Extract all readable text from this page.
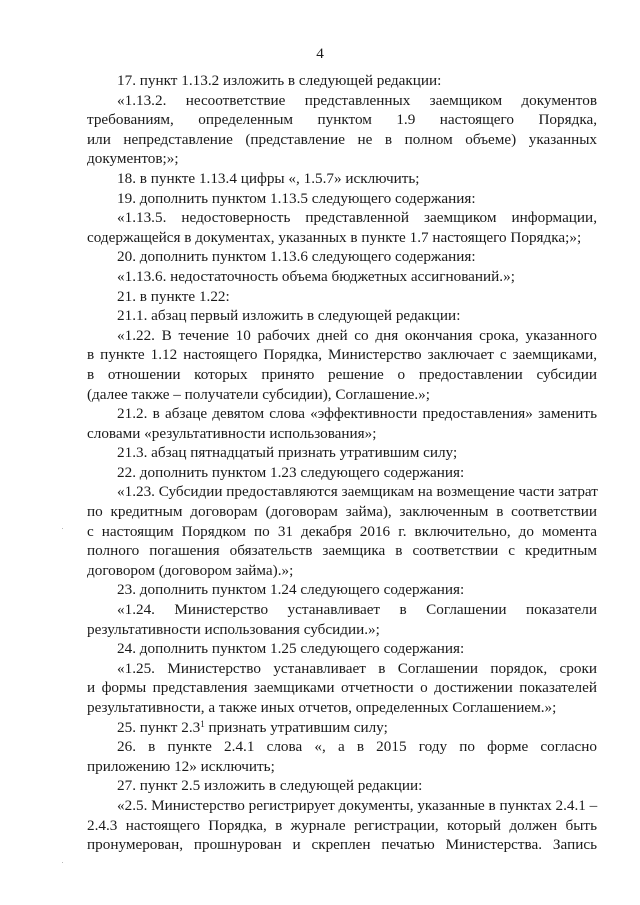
4
17. пункт 1.13.2 изложить в следующей редакции:
«1.13.2. несоответствие представленных заемщиком документов
требованиям, определенным пунктом 1.9 настоящего Порядка,
или непредставление (представление не в полном объеме) указанных
документов;»;
18. в пункте 1.13.4 цифры «, 1.5.7» исключить;
19. дополнить пунктом 1.13.5 следующего содержания:
«1.13.5. недостоверность представленной заемщиком информации,
содержащейся в документах, указанных в пункте 1.7 настоящего Порядка;»;
20. дополнить пунктом 1.13.6 следующего содержания:
«1.13.6. недостаточность объема бюджетных ассигнований.»;
21. в пункте 1.22:
21.1. абзац первый изложить в следующей редакции:
«1.22. В течение 10 рабочих дней со дня окончания срока, указанного
в пункте 1.12 настоящего Порядка, Министерство заключает с заемщиками,
в отношении которых принято решение о предоставлении субсидии
(далее также – получатели субсидии), Соглашение.»;
21.2. в абзаце девятом слова «эффективности предоставления» заменить
словами «результативности использования»;
21.3. абзац пятнадцатый признать утратившим силу;
22. дополнить пунктом 1.23 следующего содержания:
«1.23. Субсидии предоставляются заемщикам на возмещение части затрат
по кредитным договорам (договорам займа), заключенным в соответствии
с настоящим Порядком по 31 декабря 2016 г. включительно, до момента
полного погашения обязательств заемщика в соответствии с кредитным
договором (договором займа).»;
23. дополнить пунктом 1.24 следующего содержания:
«1.24. Министерство устанавливает в Соглашении показатели
результативности использования субсидии.»;
24. дополнить пунктом 1.25 следующего содержания:
«1.25. Министерство устанавливает в Соглашении порядок, сроки
и формы представления заемщиками отчетности о достижении показателей
результативности, а также иных отчетов, определенных Соглашением.»;
25. пункт $2.3^1$ признать утратившим силу;
26. в пункте 2.4.1 слова «, а в 2015 году по форме согласно
приложению 12» исключить;
27. пункт 2.5 изложить в следующей редакции:
«2.5. Министерство регистрирует документы, указанные в пунктах 2.4.1 –
2.4.3 настоящего Порядка, в журнале регистрации, который должен быть
пронумерован, прошнурован и скреплен печатью Министерства. Запись
